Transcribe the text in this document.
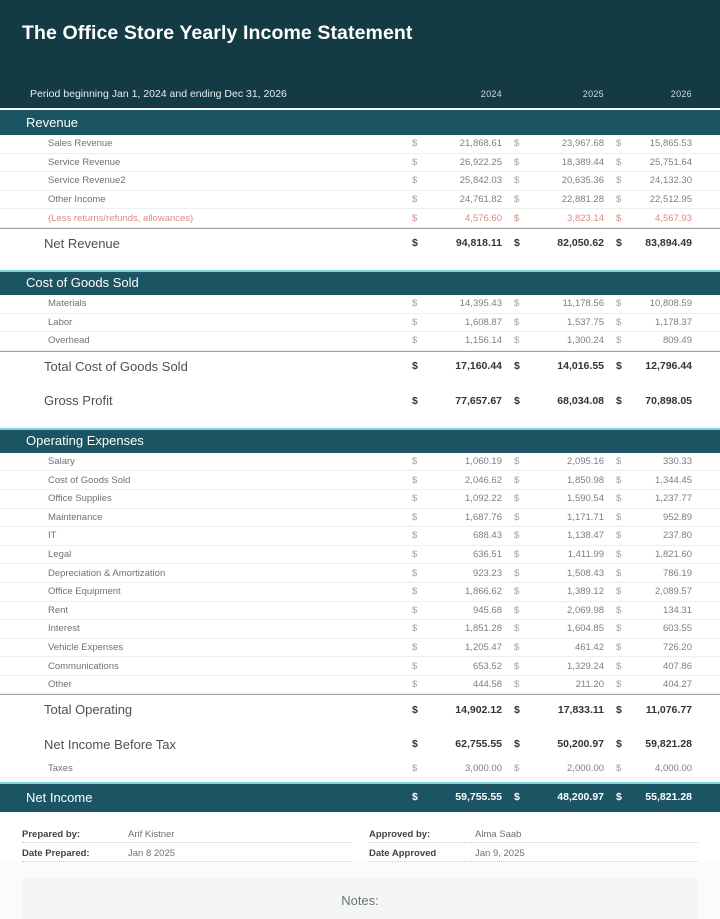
The Office Store Yearly Income Statement
Period beginning Jan 1, 2024 and ending Dec 31, 2026	2024	2025	2026
Revenue
Sales Revenue	$	21,868.61 $	23,967.68 $	15,865.53
Service Revenue	$	26,922.25 $	18,389.44 $	25,751.64
Service Revenue2	$	25,842.03 $	20,635.36 $	24,132.30
Other Income	$	24,761.82 $	22,881.28 $	22,512.95
(Less returns/refunds, allowances)	$	4,576.60 $	3,823.14 $	4,567.93
Net Revenue	$	94,818.11 $	82,050.62 $	83,894.49
Cost of Goods Sold
Materials	$	14,395.43 $	11,178.56 $	10,808.59
Labor	$	1,608.87 $	1,537.75 $	1,178.37
Overhead	$	1,156.14 $	1,300.24 $	809.49
Total Cost of Goods Sold	$	17,160.44 $	14,016.55 $	12,796.44
Gross Profit	$	77,657.67 $	68,034.08 $	70,898.05
Operating Expenses
Salary	$	1,060.19 $	2,095.16 $	330.33
Cost of Goods Sold	$	2,046.62 $	1,850.98 $	1,344.45
Office Supplies	$	1,092.22 $	1,590.54 $	1,237.77
Maintenance	$	1,687.76 $	1,171.71 $	952.89
IT	$	688.43 $	1,138.47 $	237.80
Legal	$	636.51 $	1,411.99 $	1,821.60
Depreciation & Amortization	$	923.23 $	1,508.43 $	786.19
Office Equipment	$	1,866.62 $	1,389.12 $	2,089.57
Rent	$	945.68 $	2,069.98 $	134.31
Interest	$	1,851.28 $	1,604.85 $	603.55
Vehicle Expenses	$	1,205.47 $	461.42 $	726.20
Communications	$	653.52 $	1,329.24 $	407.86
Other	$	444.58 $	211.20 $	404.27
Total Operating	$	14,902.12 $	17,833.11 $	11,076.77
Net Income Before Tax	$	62,755.55 $	50,200.97 $	59,821.28
Taxes	$	3,000.00 $	2,000.00 $	4,000.00
Net Income	$	59,755.55 $	48,200.97 $	55,821.28
Prepared by:	Arif Kistner	Approved by:	Alma Saab
Date Prepared:	Jan 8 2025	Date Approved	Jan 9, 2025
Notes:
